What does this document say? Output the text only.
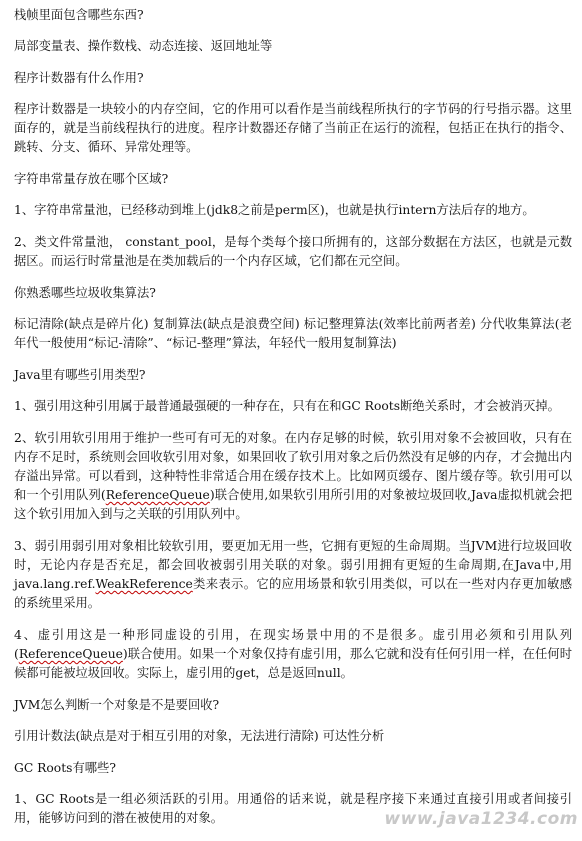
栈帧里面包含哪些东西?

局部变量表、操作数栈、动态连接、返回地址等

程序计数器有什么作用?

程序计数器是一块较小的内存空间，它的作用可以看作是当前线程所执行的字节码的行号指示器。这里面存的，就是当前线程执行的进度。程序计数器还存储了当前正在运行的流程，包括正在执行的指令、跳转、分支、循环、异常处理等。

字符串常量存放在哪个区域?

1、字符串常量池，已经移动到堆上(jdk8之前是perm区)，也就是执行intern方法后存的地方。

2、类文件常量池， constant_pool，是每个类每个接口所拥有的，这部分数据在方法区，也就是元数据区。而运行时常量池是在类加载后的一个内存区域，它们都在元空间。

你熟悉哪些垃圾收集算法?

标记清除(缺点是碎片化) 复制算法(缺点是浪费空间) 标记整理算法(效率比前两者差) 分代收集算法(老年代一般使用“标记-清除”、“标记-整理”算法，年轻代一般用复制算法)

Java里有哪些引用类型?

1、强引用这种引用属于最普通最强硬的一种存在，只有在和GC Roots断绝关系时，才会被消灭掉。

2、软引用软引用用于维护一些可有可无的对象。在内存足够的时候，软引用对象不会被回收，只有在内存不足时，系统则会回收软引用对象，如果回收了软引用对象之后仍然没有足够的内存，才会抛出内存溢出异常。可以看到，这种特性非常适合用在缓存技术上。比如网页缓存、图片缓存等。软引用可以和一个引用队列(ReferenceQueue)联合使用,如果软引用所引用的对象被垃圾回收,Java虚拟机就会把这个软引用加入到与之关联的引用队列中。

3、弱引用弱引用对象相比较软引用，要更加无用一些，它拥有更短的生命周期。当JVM进行垃圾回收时，无论内存是否充足，都会回收被弱引用关联的对象。弱引用拥有更短的生命周期,在Java中,用java.lang.ref.WeakReference类来表示。它的应用场景和软引用类似，可以在一些对内存更加敏感的系统里采用。

4、虚引用这是一种形同虚设的引用，在现实场景中用的不是很多。虚引用必须和引用队列(ReferenceQueue)联合使用。如果一个对象仅持有虚引用，那么它就和没有任何引用一样，在任何时候都可能被垃圾回收。实际上，虚引用的get，总是返回null。

JVM怎么判断一个对象是不是要回收?

引用计数法(缺点是对于相互引用的对象，无法进行清除) 可达性分析

GC Roots有哪些?

1、GC Roots是一组必须活跃的引用。用通俗的话来说，就是程序接下来通过直接引用或者间接引用，能够访问到的潜在被使用的对象。	www.java1234.com
